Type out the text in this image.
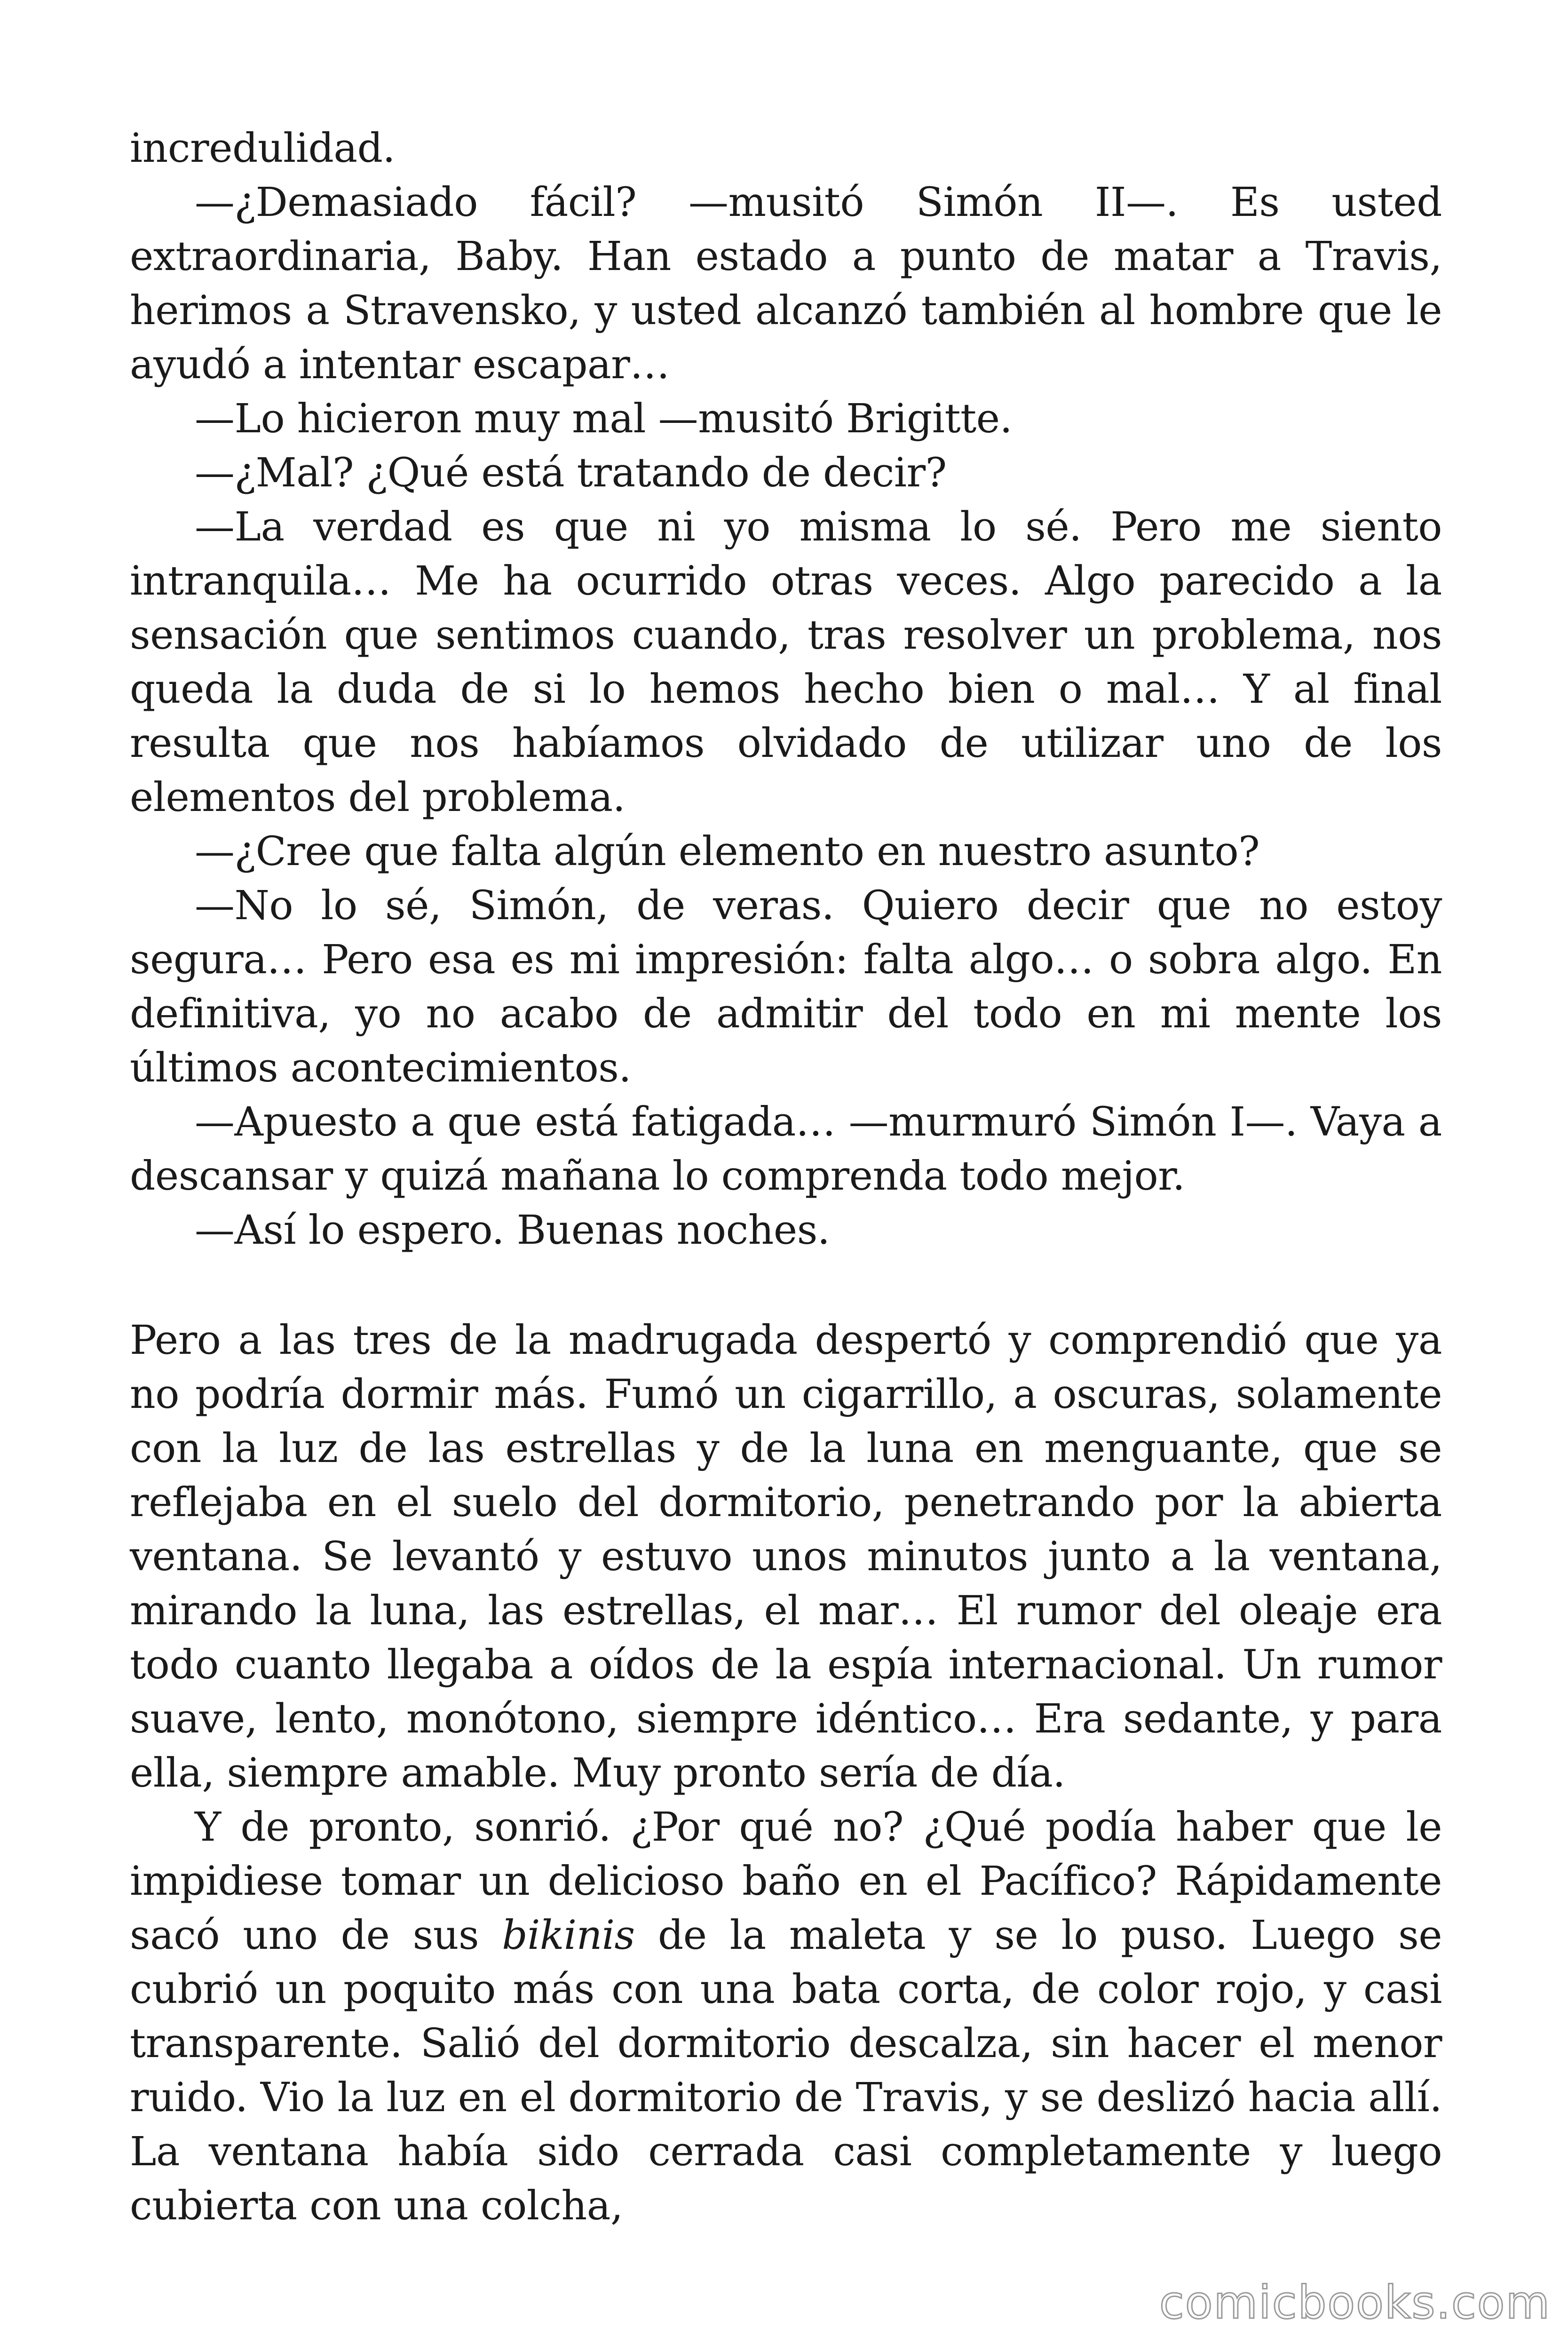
incredulidad.

—¿Demasiado fácil? —musitó Simón II—. Es usted extraordinaria, Baby. Han estado a punto de matar a Travis, herimos a Stravensko, y usted alcanzó también al hombre que le ayudó a intentar escapar…

—Lo hicieron muy mal —musitó Brigitte.

—¿Mal? ¿Qué está tratando de decir?

—La verdad es que ni yo misma lo sé. Pero me siento intranquila… Me ha ocurrido otras veces. Algo parecido a la sensación que sentimos cuando, tras resolver un problema, nos queda la duda de si lo hemos hecho bien o mal… Y al final resulta que nos habíamos olvidado de utilizar uno de los elementos del problema.

—¿Cree que falta algún elemento en nuestro asunto?

—No lo sé, Simón, de veras. Quiero decir que no estoy segura… Pero esa es mi impresión: falta algo… o sobra algo. En definitiva, yo no acabo de admitir del todo en mi mente los últimos acontecimientos.

—Apuesto a que está fatigada… —murmuró Simón I—. Vaya a descansar y quizá mañana lo comprenda todo mejor.

—Así lo espero. Buenas noches.

Pero a las tres de la madrugada despertó y comprendió que ya no podría dormir más. Fumó un cigarrillo, a oscuras, solamente con la luz de las estrellas y de la luna en menguante, que se reflejaba en el suelo del dormitorio, penetrando por la abierta ventana. Se levantó y estuvo unos minutos junto a la ventana, mirando la luna, las estrellas, el mar… El rumor del oleaje era todo cuanto llegaba a oídos de la espía internacional. Un rumor suave, lento, monótono, siempre idéntico… Era sedante, y para ella, siempre amable. Muy pronto sería de día.

Y de pronto, sonrió. ¿Por qué no? ¿Qué podía haber que le impidiese tomar un delicioso baño en el Pacífico? Rápidamente sacó uno de sus bikinis de la maleta y se lo puso. Luego se cubrió un poquito más con una bata corta, de color rojo, y casi transparente. Salió del dormitorio descalza, sin hacer el menor ruido. Vio la luz en el dormitorio de Travis, y se deslizó hacia allí. La ventana había sido cerrada casi completamente y luego cubierta con una colcha,

comicbooks.com
